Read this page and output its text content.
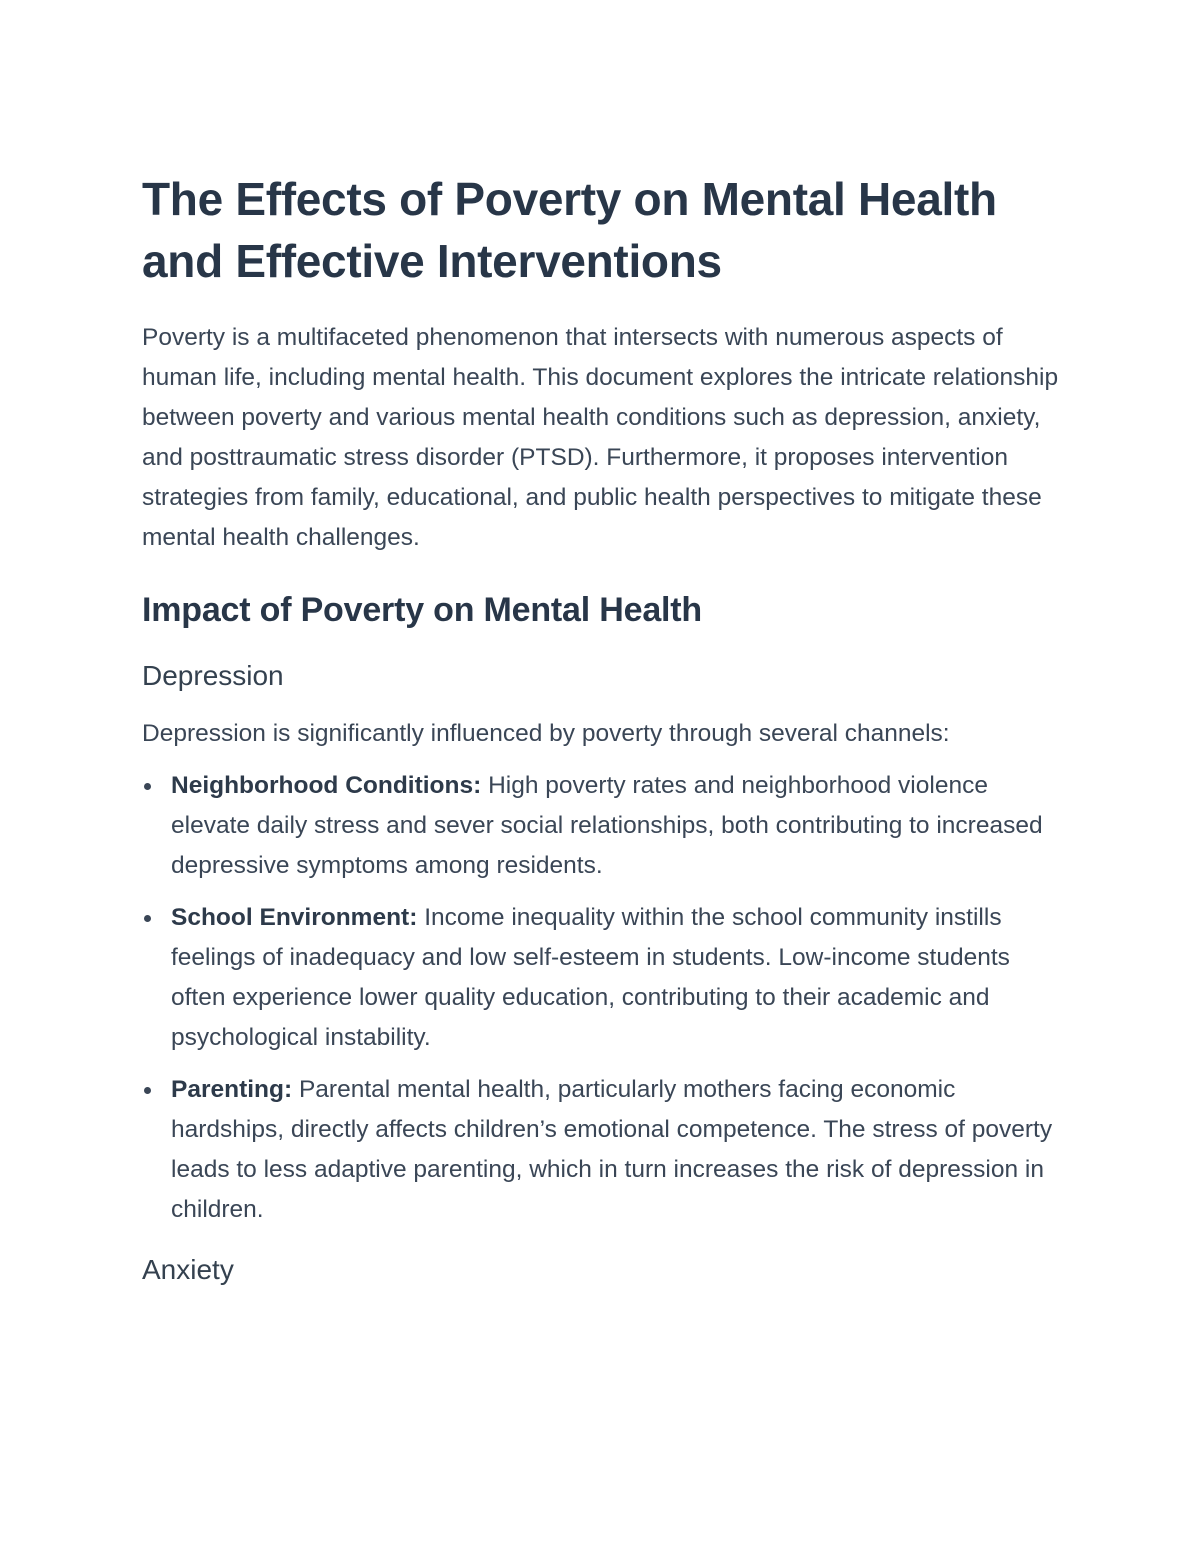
The Effects of Poverty on Mental Health and Effective Interventions

Poverty is a multifaceted phenomenon that intersects with numerous aspects of human life, including mental health. This document explores the intricate relationship between poverty and various mental health conditions such as depression, anxiety, and posttraumatic stress disorder (PTSD). Furthermore, it proposes intervention strategies from family, educational, and public health perspectives to mitigate these mental health challenges.

Impact of Poverty on Mental Health
Depression

Depression is significantly influenced by poverty through several channels:

Neighborhood Conditions: High poverty rates and neighborhood violence elevate daily stress and sever social relationships, both contributing to increased depressive symptoms among residents.
School Environment: Income inequality within the school community instills feelings of inadequacy and low self-esteem in students. Low-income students often experience lower quality education, contributing to their academic and psychological instability.
Parenting: Parental mental health, particularly mothers facing economic hardships, directly affects children’s emotional competence. The stress of poverty leads to less adaptive parenting, which in turn increases the risk of depression in children.
Anxiety
